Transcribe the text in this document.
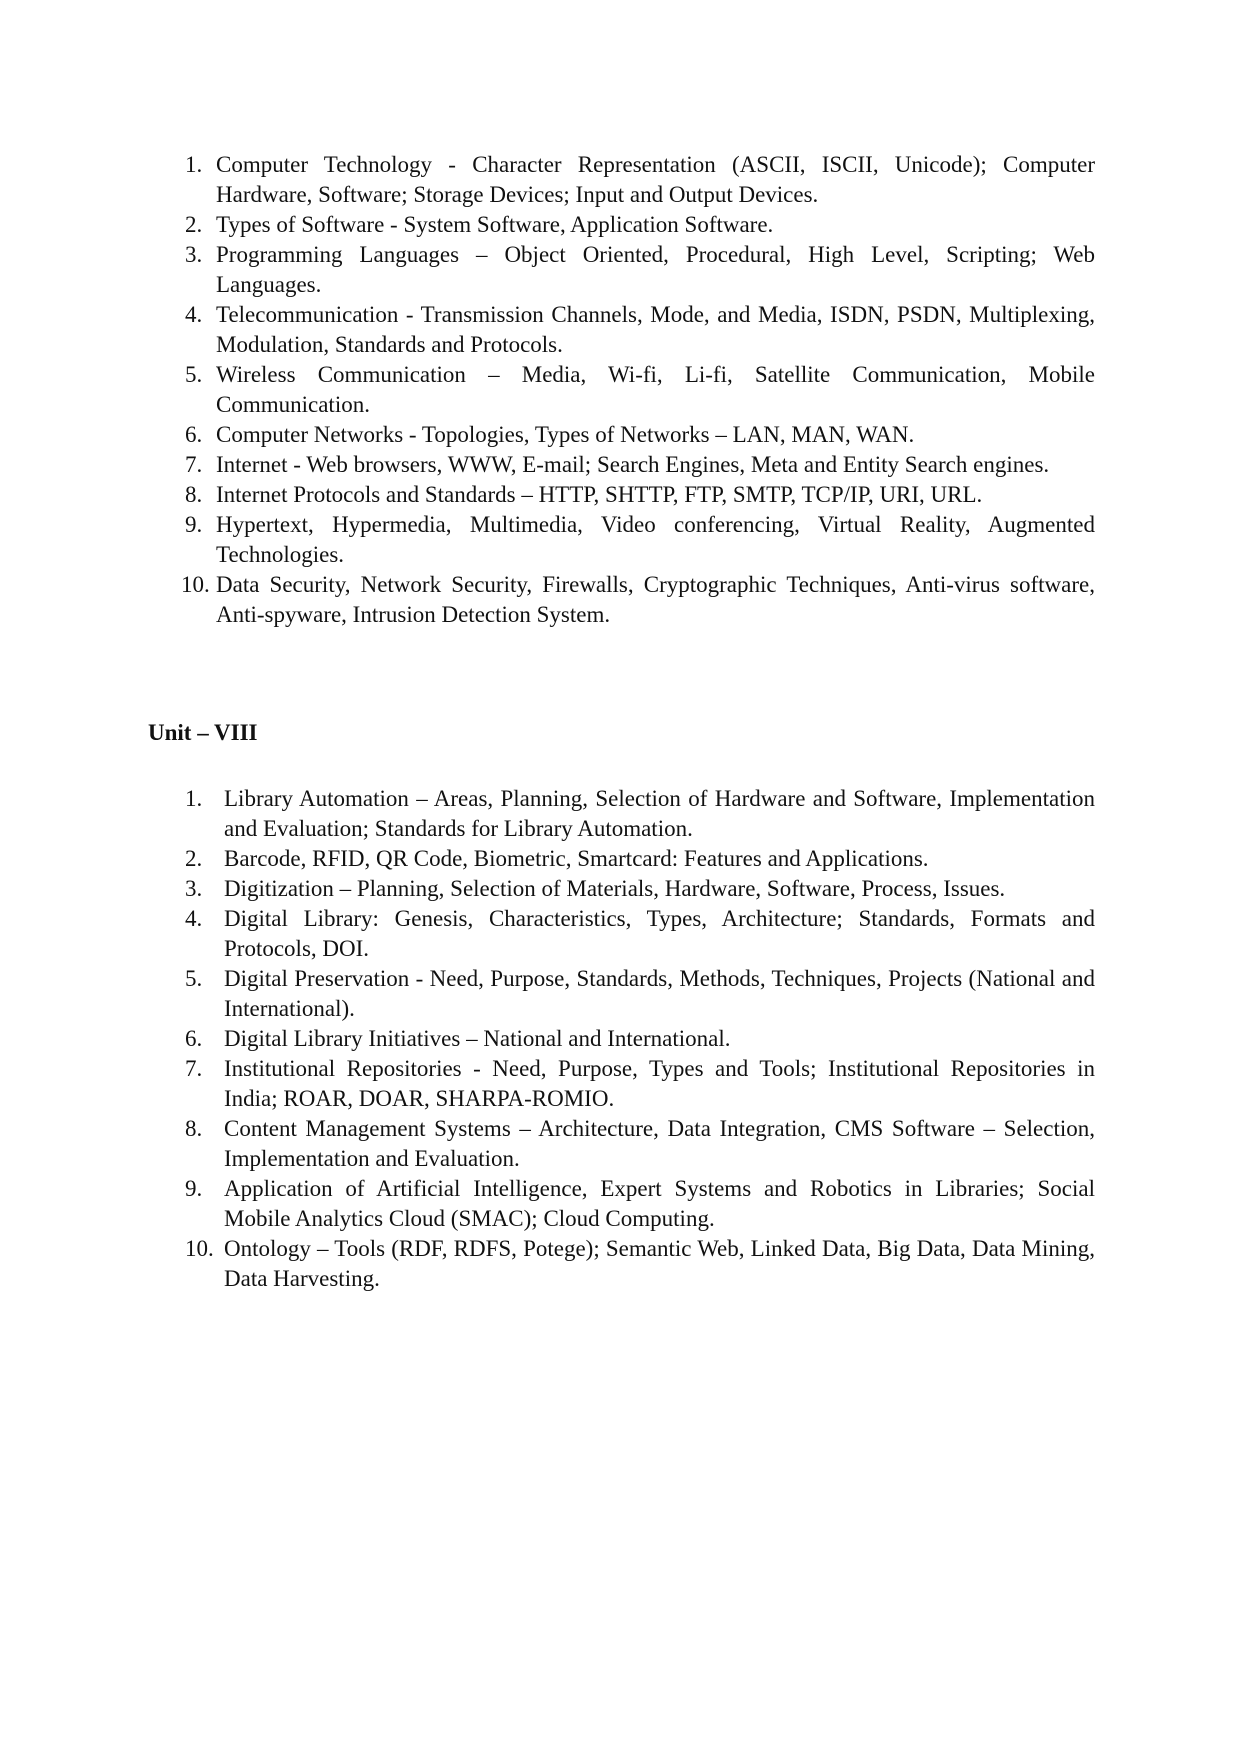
1. Computer Technology - Character Representation (ASCII, ISCII, Unicode); Computer Hardware, Software; Storage Devices; Input and Output Devices.
2. Types of Software - System Software, Application Software.
3. Programming Languages – Object Oriented, Procedural, High Level, Scripting; Web Languages.
4. Telecommunication - Transmission Channels, Mode, and Media, ISDN, PSDN, Multiplexing, Modulation, Standards and Protocols.
5. Wireless Communication – Media, Wi-fi, Li-fi, Satellite Communication, Mobile Communication.
6. Computer Networks - Topologies, Types of Networks – LAN, MAN, WAN.
7. Internet - Web browsers, WWW, E-mail; Search Engines, Meta and Entity Search engines.
8. Internet Protocols and Standards – HTTP, SHTTP, FTP, SMTP, TCP/IP, URI, URL.
9. Hypertext, Hypermedia, Multimedia, Video conferencing, Virtual Reality, Augmented Technologies.
10. Data Security, Network Security, Firewalls, Cryptographic Techniques, Anti-virus software, Anti-spyware, Intrusion Detection System.
Unit – VIII
1. Library Automation – Areas, Planning, Selection of Hardware and Software, Implementation and Evaluation; Standards for Library Automation.
2. Barcode, RFID, QR Code, Biometric, Smartcard: Features and Applications.
3. Digitization – Planning, Selection of Materials, Hardware, Software, Process, Issues.
4. Digital Library: Genesis, Characteristics, Types, Architecture; Standards, Formats and Protocols, DOI.
5. Digital Preservation - Need, Purpose, Standards, Methods, Techniques, Projects (National and International).
6. Digital Library Initiatives – National and International.
7. Institutional Repositories - Need, Purpose, Types and Tools; Institutional Repositories in India; ROAR, DOAR, SHARPA-ROMIO.
8. Content Management Systems – Architecture, Data Integration, CMS Software – Selection, Implementation and Evaluation.
9. Application of Artificial Intelligence, Expert Systems and Robotics in Libraries; Social Mobile Analytics Cloud (SMAC); Cloud Computing.
10. Ontology – Tools (RDF, RDFS, Potege); Semantic Web, Linked Data, Big Data, Data Mining, Data Harvesting.
